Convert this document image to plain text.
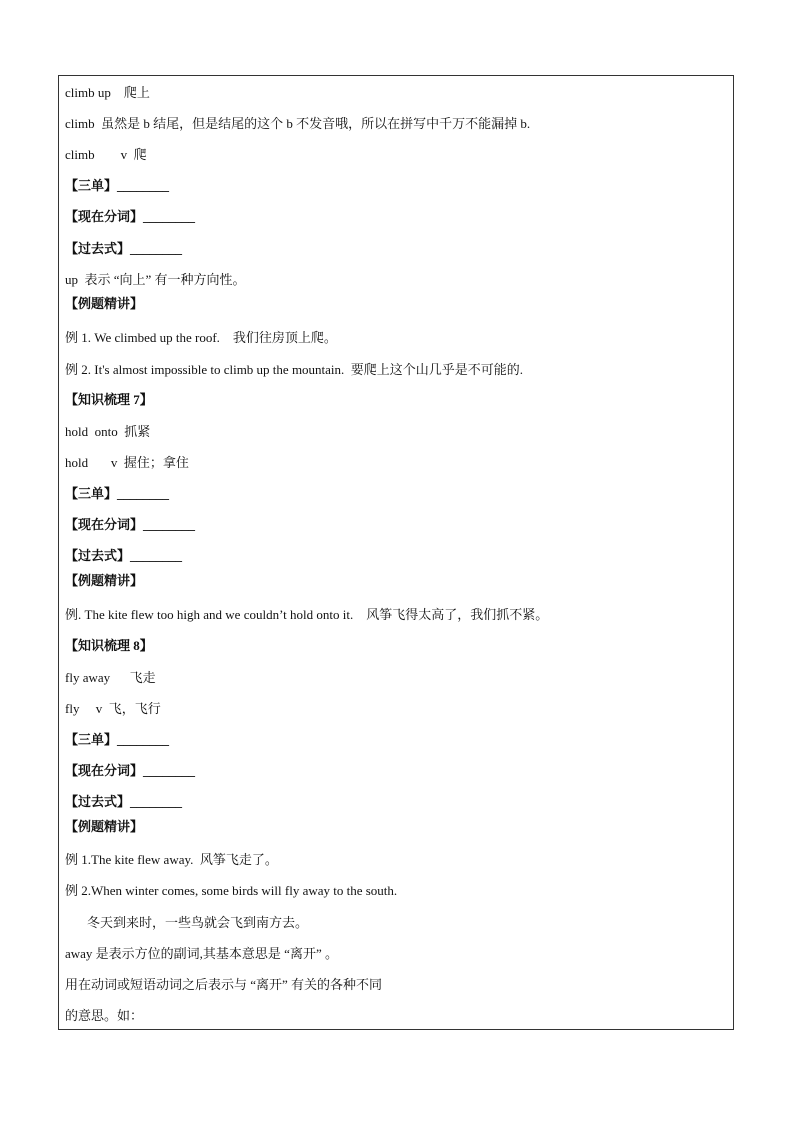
climb up    爬上
climb  虽然是 b 结尾，但是结尾的这个 b 不发音哦，所以在拼写中千万不能漏掉 b.
climb        v  爬
【三单】________
【现在分词】________
【过去式】________
up  表示 “向上” 有一种方向性。
【例题精讲】
例 1. We climbed up the roof.    我们往房顶上爬。
例 2. It's almost impossible to climb up the mountain.  要爬上这个山几乎是不可能的.
【知识梳理 7】
hold  onto  抓紧
hold       v  握住；拿住
【三单】________
【现在分词】________
【过去式】________
【例题精讲】
例. The kite flew too high and we couldn’t hold onto it.    风筝飞得太高了，我们抓不紧。
【知识梳理 8】
fly away      飞走
fly     v  飞，飞行
【三单】________
【现在分词】________
【过去式】________
【例题精讲】
例 1.The kite flew away.  风筝飞走了。
例 2.When winter comes, some birds will fly away to the south.
冬天到来时，一些鸟就会飞到南方去。
away 是表示方位的副词,其基本意思是 “离开” 。
用在动词或短语动词之后表示与 “离开” 有关的各种不同
的意思。如：
